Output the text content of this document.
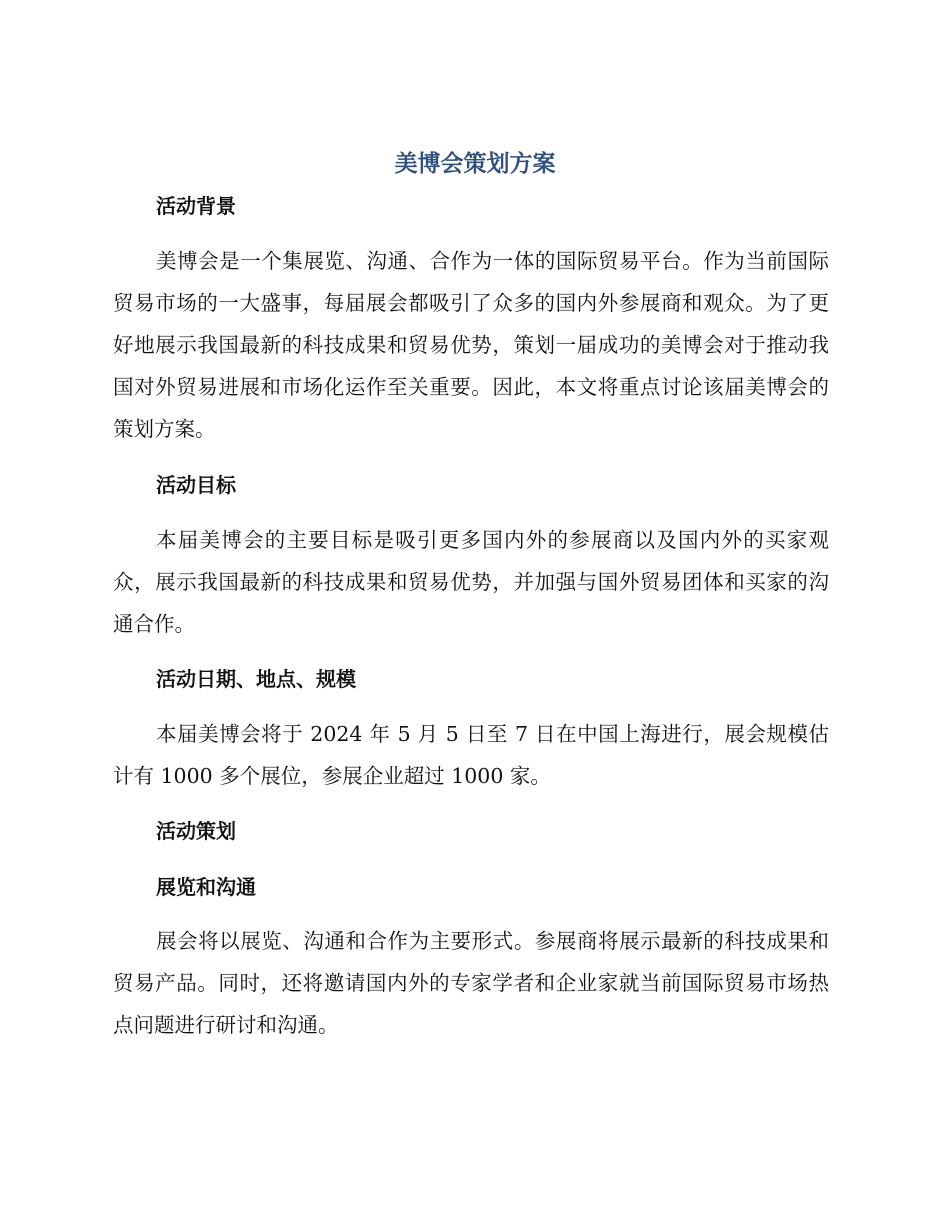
美博会策划方案
活动背景

美博会是一个集展览、沟通、合作为一体的国际贸易平台。作为当前国际贸易市场的一大盛事，每届展会都吸引了众多的国内外参展商和观众。为了更好地展示我国最新的科技成果和贸易优势，策划一届成功的美博会对于推动我国对外贸易进展和市场化运作至关重要。因此，本文将重点讨论该届美博会的策划方案。

活动目标

本届美博会的主要目标是吸引更多国内外的参展商以及国内外的买家观众，展示我国最新的科技成果和贸易优势，并加强与国外贸易团体和买家的沟通合作。

活动日期、地点、规模

本届美博会将于 2024 年 5 月 5 日至 7 日在中国上海进行，展会规模估计有 1000 多个展位，参展企业超过 1000 家。

活动策划
展览和沟通

展会将以展览、沟通和合作为主要形式。参展商将展示最新的科技成果和贸易产品。同时，还将邀请国内外的专家学者和企业家就当前国际贸易市场热点问题进行研讨和沟通。
